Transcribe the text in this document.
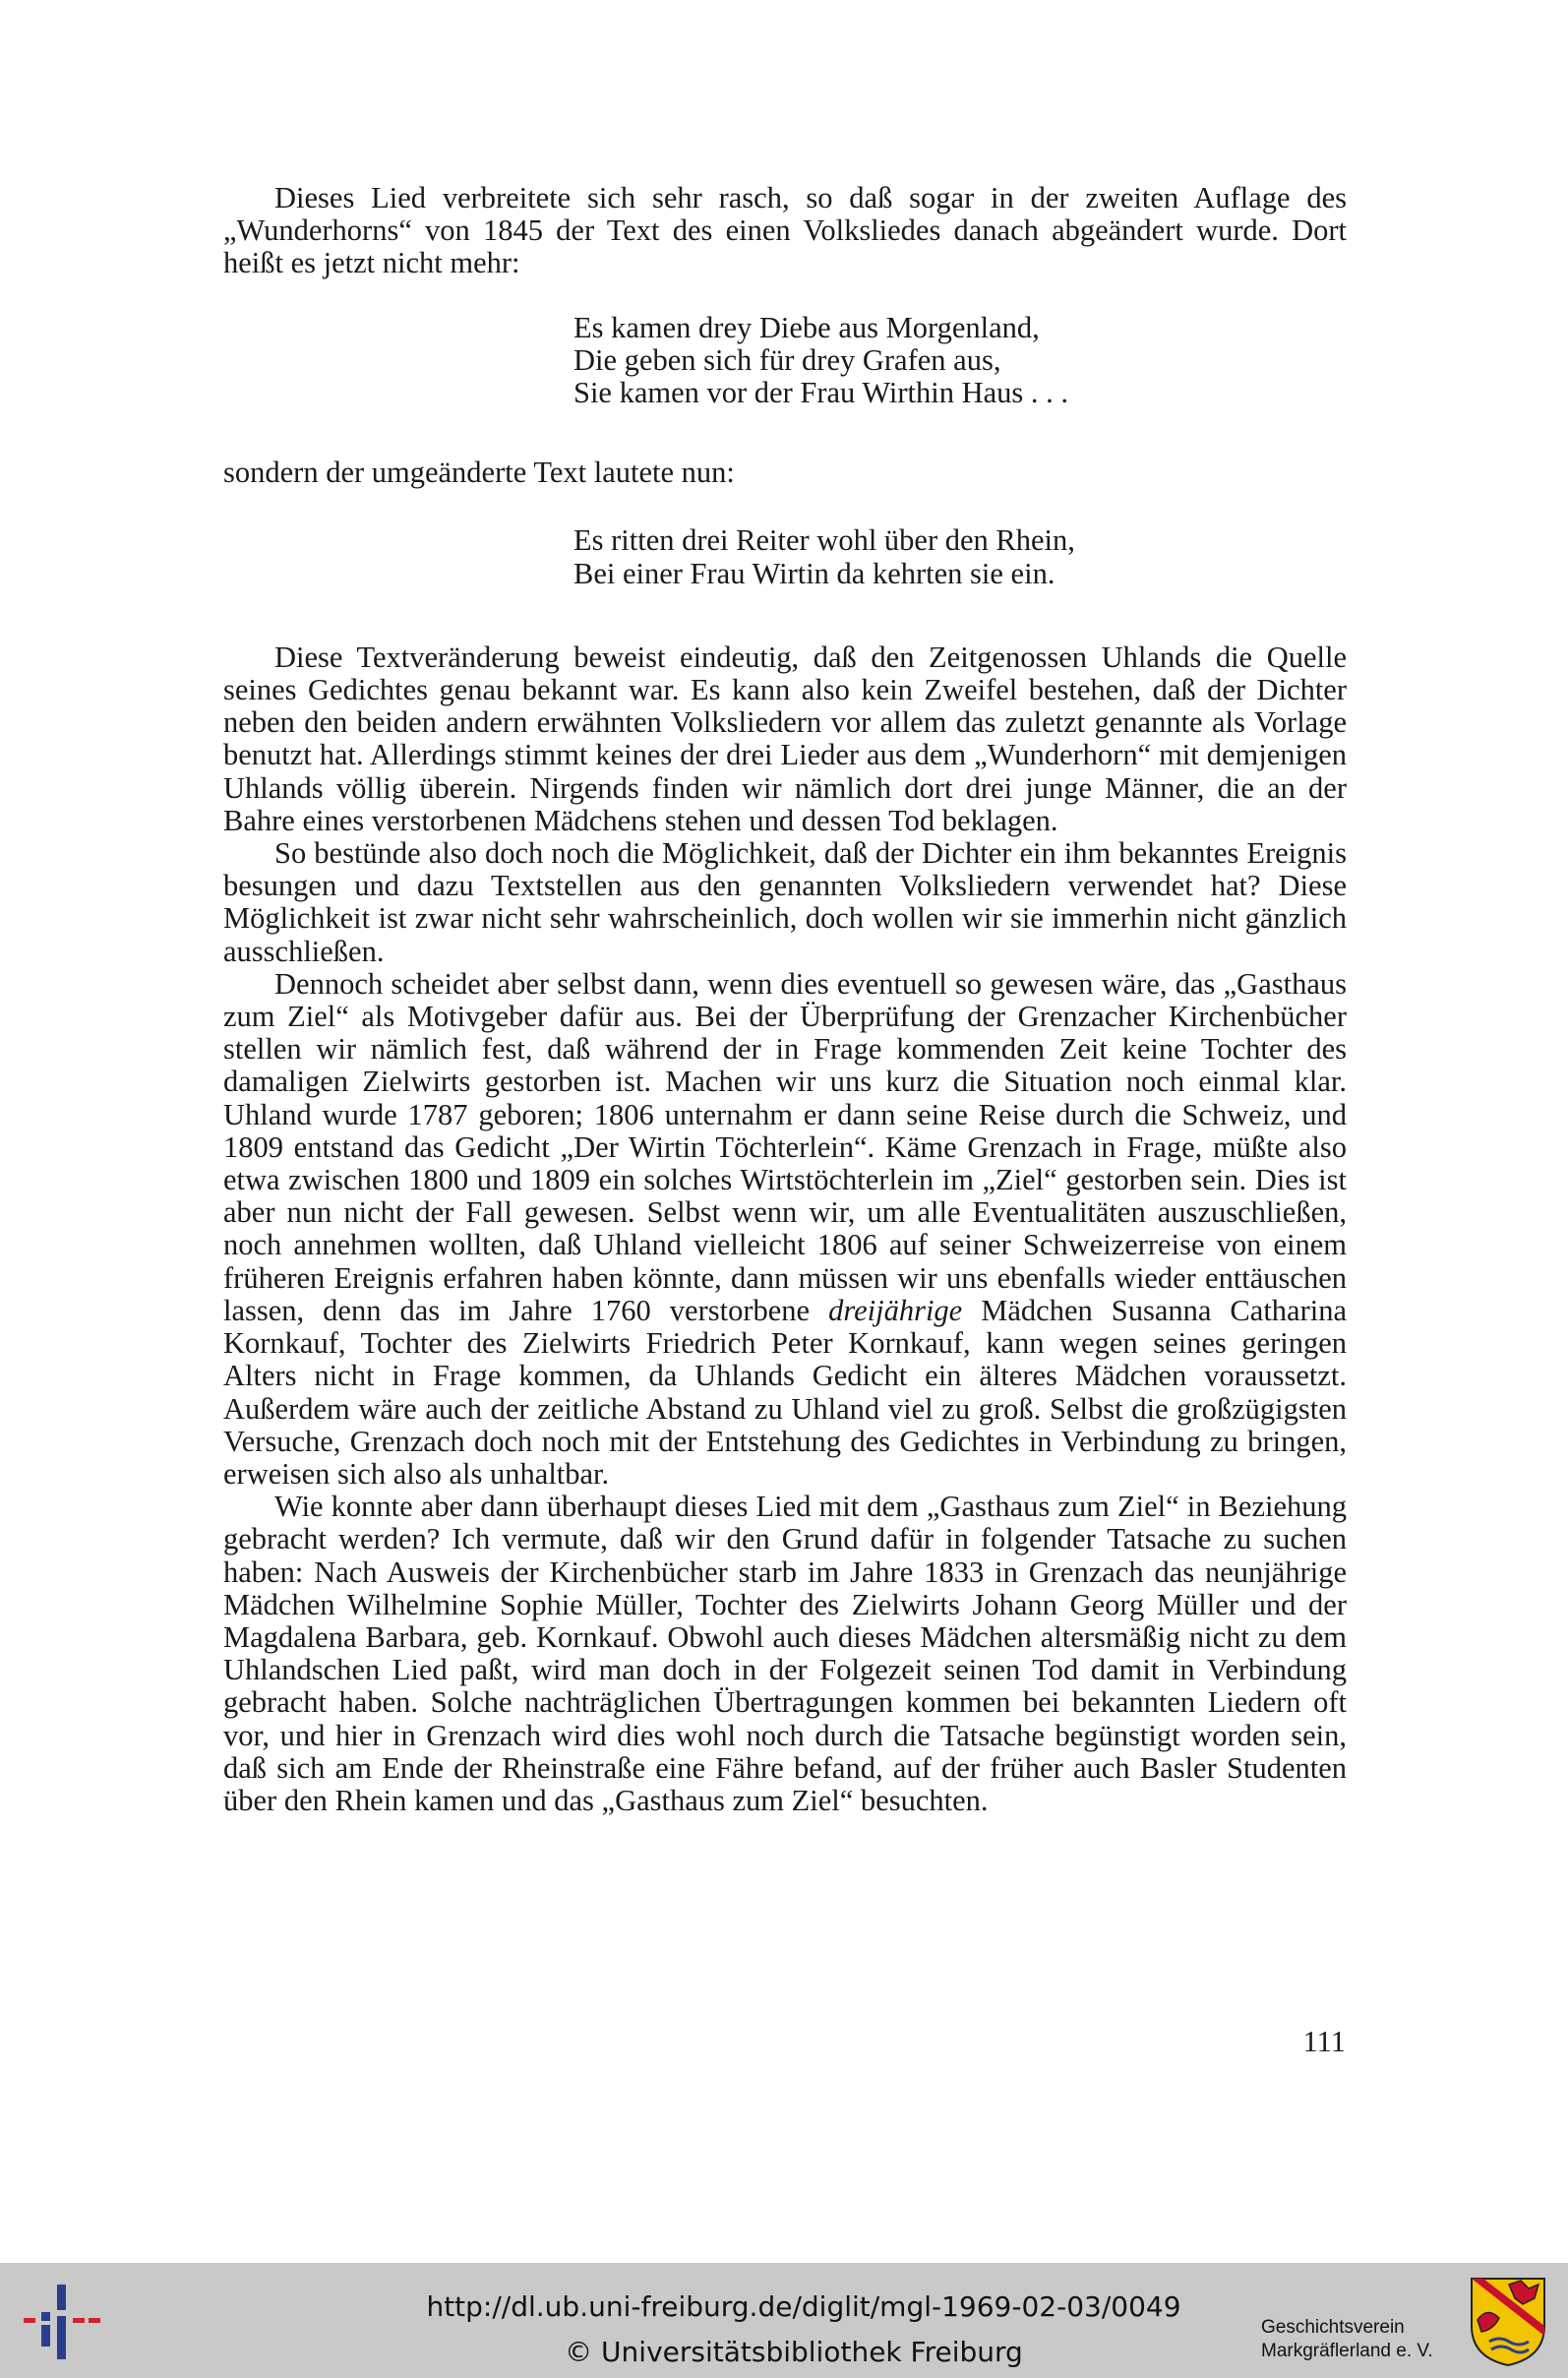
Dieses Lied verbreitete sich sehr rasch, so daß sogar in der zweiten Auflage des „Wunderhorns“ von 1845 der Text des einen Volksliedes danach abgeändert wurde. Dort heißt es jetzt nicht mehr:

Es kamen drey Diebe aus Morgenland,
Die geben sich für drey Grafen aus,
Sie kamen vor der Frau Wirthin Haus . . .

sondern der umgeänderte Text lautete nun:

Es ritten drei Reiter wohl über den Rhein,
Bei einer Frau Wirtin da kehrten sie ein.

Diese Textveränderung beweist eindeutig, daß den Zeitgenossen Uhlands die Quelle seines Gedichtes genau bekannt war. Es kann also kein Zweifel bestehen, daß der Dichter neben den beiden andern erwähnten Volksliedern vor allem das zuletzt genannte als Vorlage benutzt hat. Allerdings stimmt keines der drei Lieder aus dem „Wunderhorn“ mit demjenigen Uhlands völlig überein. Nirgends finden wir nämlich dort drei junge Männer, die an der Bahre eines verstorbenen Mädchens stehen und dessen Tod beklagen.

So bestünde also doch noch die Möglichkeit, daß der Dichter ein ihm bekanntes Ereignis besungen und dazu Textstellen aus den genannten Volksliedern verwendet hat? Diese Möglichkeit ist zwar nicht sehr wahrscheinlich, doch wollen wir sie immerhin nicht gänzlich ausschließen.

Dennoch scheidet aber selbst dann, wenn dies eventuell so gewesen wäre, das „Gasthaus zum Ziel“ als Motivgeber dafür aus. Bei der Überprüfung der Grenzacher Kirchenbücher stellen wir nämlich fest, daß während der in Frage kommenden Zeit keine Tochter des damaligen Zielwirts gestorben ist. Machen wir uns kurz die Situation noch einmal klar. Uhland wurde 1787 geboren; 1806 unternahm er dann seine Reise durch die Schweiz, und 1809 entstand das Gedicht „Der Wirtin Töchterlein“. Käme Grenzach in Frage, müßte also etwa zwischen 1800 und 1809 ein solches Wirtstöchterlein im „Ziel“ gestorben sein. Dies ist aber nun nicht der Fall gewesen. Selbst wenn wir, um alle Eventualitäten auszuschließen, noch annehmen wollten, daß Uhland vielleicht 1806 auf seiner Schweizerreise von einem früheren Ereignis erfahren haben könnte, dann müssen wir uns ebenfalls wieder enttäuschen lassen, denn das im Jahre 1760 verstorbene dreijährige Mädchen Susanna Catharina Kornkauf, Tochter des Zielwirts Friedrich Peter Kornkauf, kann wegen seines geringen Alters nicht in Frage kommen, da Uhlands Gedicht ein älteres Mädchen voraussetzt. Außerdem wäre auch der zeitliche Abstand zu Uhland viel zu groß. Selbst die großzügigsten Versuche, Grenzach doch noch mit der Entstehung des Gedichtes in Verbindung zu bringen, erweisen sich also als unhaltbar.

Wie konnte aber dann überhaupt dieses Lied mit dem „Gasthaus zum Ziel“ in Beziehung gebracht werden? Ich vermute, daß wir den Grund dafür in folgender Tatsache zu suchen haben: Nach Ausweis der Kirchenbücher starb im Jahre 1833 in Grenzach das neunjährige Mädchen Wilhelmine Sophie Müller, Tochter des Zielwirts Johann Georg Müller und der Magdalena Barbara, geb. Kornkauf. Obwohl auch dieses Mädchen altersmäßig nicht zu dem Uhlandschen Lied paßt, wird man doch in der Folgezeit seinen Tod damit in Verbindung gebracht haben. Solche nachträglichen Übertragungen kommen bei bekannten Liedern oft vor, und hier in Grenzach wird dies wohl noch durch die Tatsache begünstigt worden sein, daß sich am Ende der Rheinstraße eine Fähre befand, auf der früher auch Basler Studenten über den Rhein kamen und das „Gasthaus zum Ziel“ besuchten.

111
http://dl.ub.uni-freiburg.de/diglit/mgl-1969-02-03/0049
© Universitätsbibliothek Freiburg
Geschichtsverein
Markgräflerland e. V.
